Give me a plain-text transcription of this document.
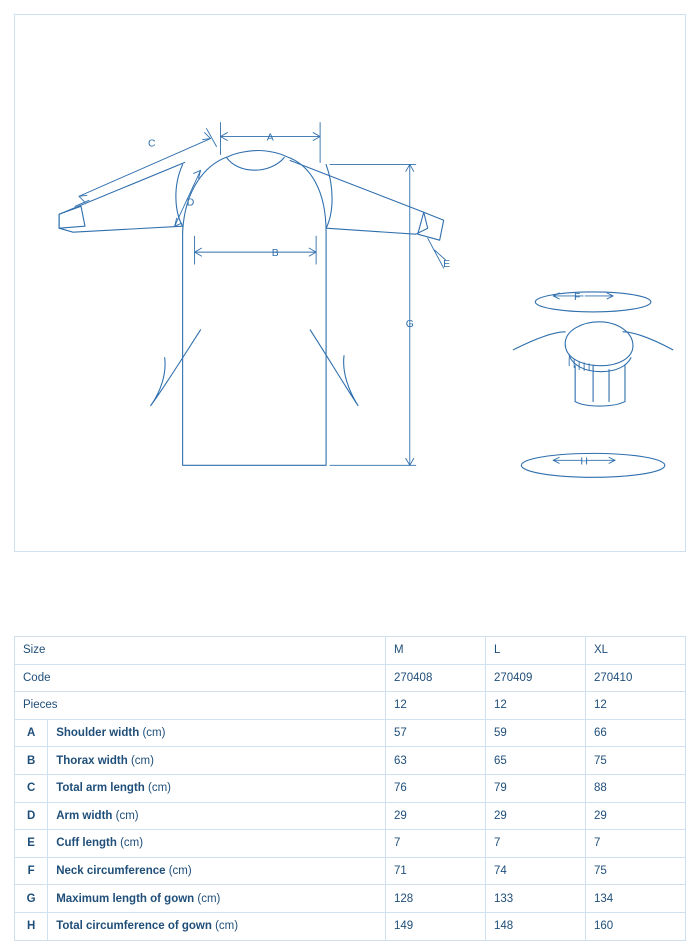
A
B
C
D
E
F
G
H
Size		M	L	XL
Code		270408	270409	270410
Pieces		12	12	12
A	Shoulder width (cm)	57	59	66
B	Thorax width (cm)	63	65	75
C	Total arm length (cm)	76	79	88
D	Arm width (cm)	29	29	29
E	Cuff length (cm)	7	7	7
F	Neck circumference (cm)	71	74	75
G	Maximum length of gown (cm)	128	133	134
H	Total circumference of gown (cm)	149	148	160
